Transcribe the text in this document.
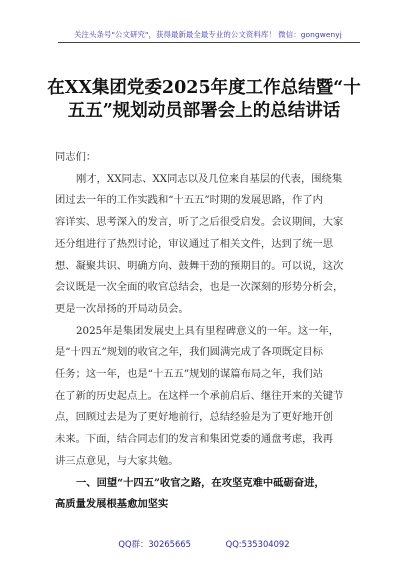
关注头条号"公文研究"，获得最新最全最专业的公文资料库！ 微信：gongwenyj
在XX集团党委2025年度工作总结暨“十
五五”规划动员部署会上的总结讲话
同志们：
刚才，XX同志、XX同志以及几位来自基层的代表，围绕集
团过去一年的工作实践和“十五五”时期的发展思路，作了内
容详实、思考深入的发言，听了之后很受启发。会议期间，大家
还分组进行了热烈讨论，审议通过了相关文件，达到了统一思
想、凝聚共识、明确方向、鼓舞干劲的预期目的。可以说，这次
会议既是一次全面的收官总结会，也是一次深刻的形势分析会，
更是一次昂扬的开局动员会。
2025年是集团发展史上具有里程碑意义的一年。这一年，
是“十四五”规划的收官之年，我们圆满完成了各项既定目标
任务；这一年，也是“十五五”规划的谋篇布局之年，我们站
在了新的历史起点上。在这样一个承前启后、继往开来的关键节
点，回顾过去是为了更好地前行，总结经验是为了更好地开创
未来。下面，结合同志们的发言和集团党委的通盘考虑，我再
讲三点意见，与大家共勉。
一、回望“十四五”收官之路，在攻坚克难中砥砺奋进，
高质量发展根基愈加坚实
QQ群：30265665	QQ:535304092
